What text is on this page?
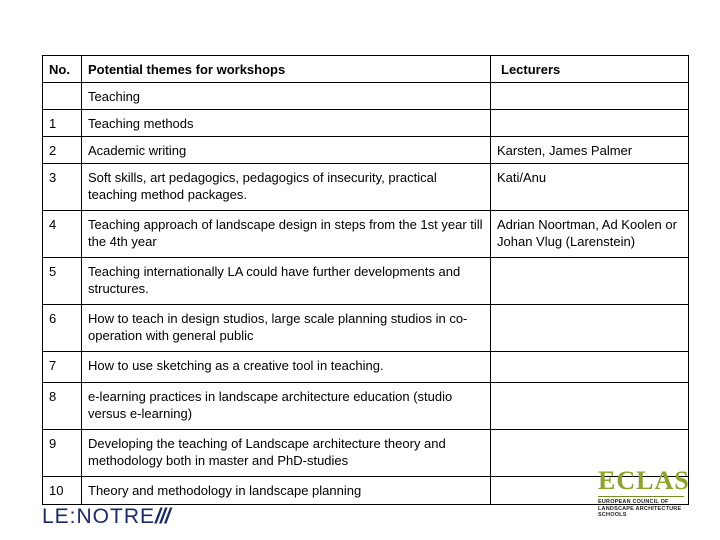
No.	Potential themes for workshops	Lecturers
	Teaching	
1	Teaching methods	
2	Academic writing	Karsten, James Palmer
3	Soft skills, art pedagogics, pedagogics of insecurity, practical teaching method packages.	Kati/Anu
4	Teaching approach of landscape design in steps from the 1st year till the 4th year	Adrian Noortman, Ad Koolen or Johan Vlug (Larenstein)
5	Teaching internationally LA could have further developments and structures.	
6	How to teach in design studios, large scale planning studios in co-operation with general public	
7	How to use sketching as a creative tool in teaching.	
8	e-learning practices in landscape architecture education (studio versus e-learning)	
9	Developing the teaching of Landscape architecture theory and methodology both in master and PhD-studies	
10	Theory and methodology in landscape planning	
LE:NOTRE///
ECLAS
EUROPEAN COUNCIL OF
LANDSCAPE ARCHITECTURE
SCHOOLS
